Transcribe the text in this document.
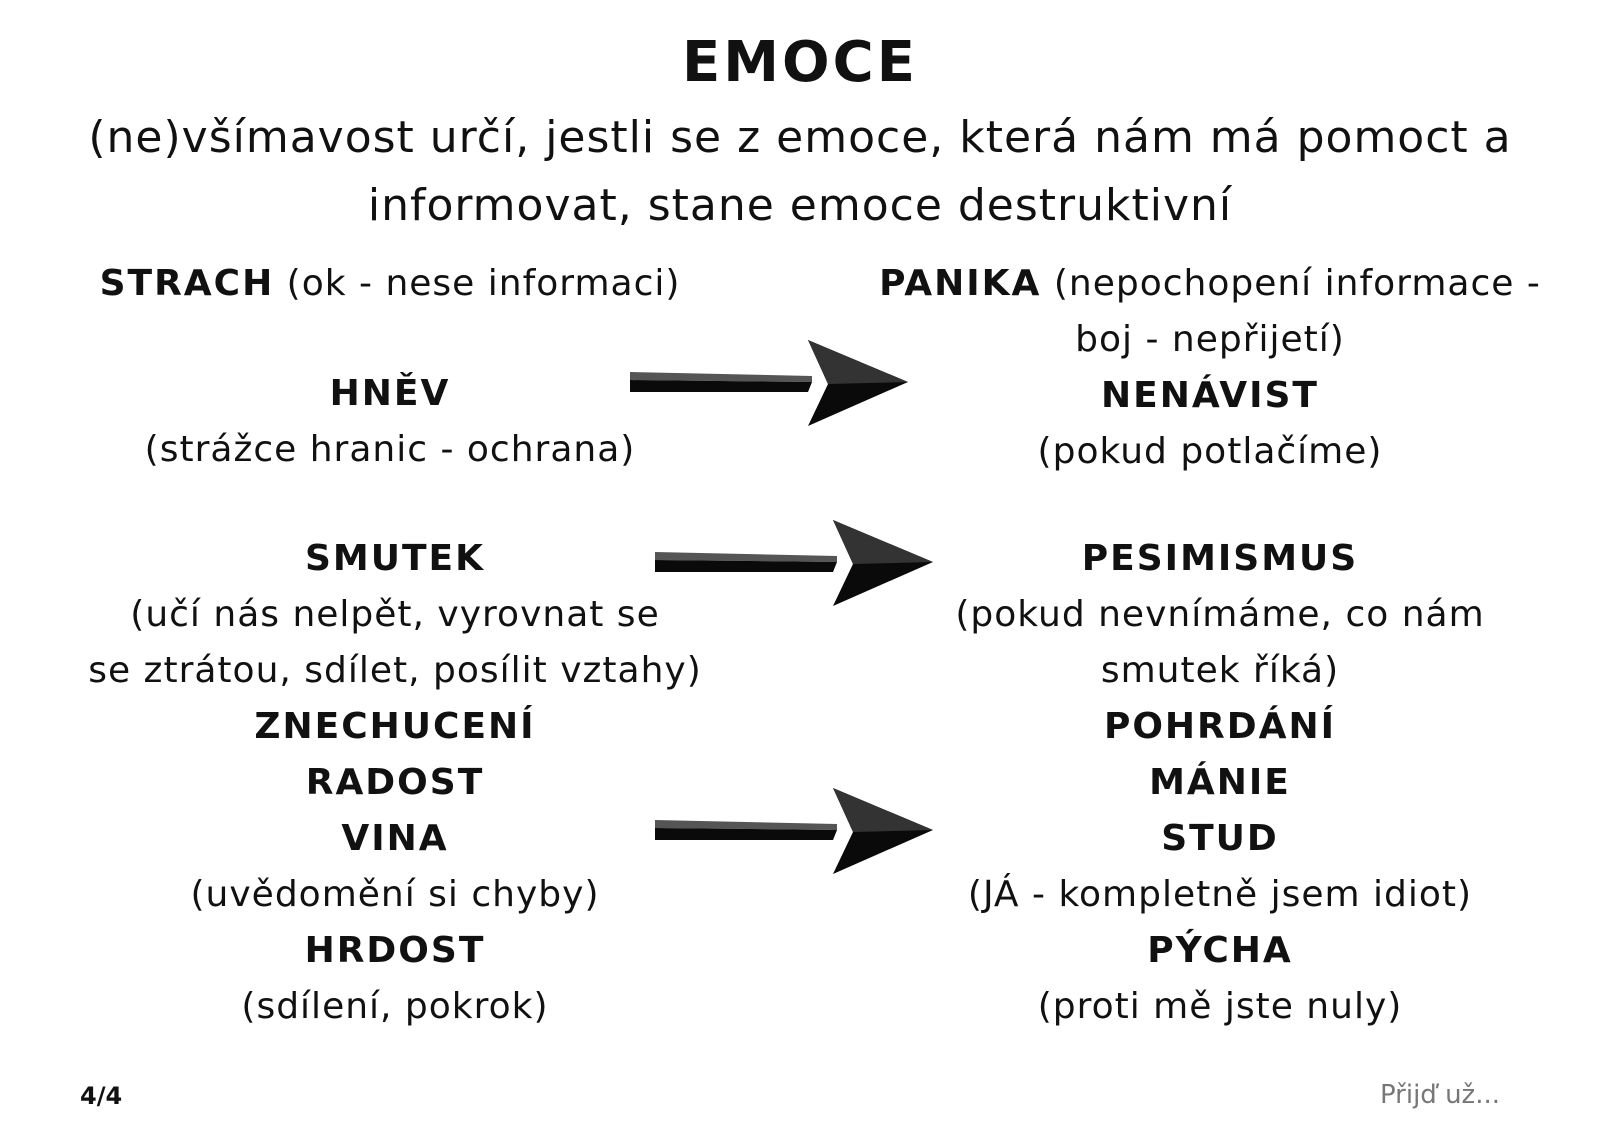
EMOCE
(ne)všímavost určí, jestli se z emoce, která nám má pomoct a
informovat, stane emoce destruktivní
STRACH (ok - nese informaci)
HNĚV
(strážce hranic - ochrana)
SMUTEK
(učí nás nelpět, vyrovnat se
se ztrátou, sdílet, posílit vztahy)
ZNECHUCENÍ
RADOST
VINA
(uvědomění si chyby)
HRDOST
(sdílení, pokrok)
PANIKA (nepochopení informace -
boj - nepřijetí)
NENÁVIST
(pokud potlačíme)
PESIMISMUS
(pokud nevnímáme, co nám
smutek říká)
POHRDÁNÍ
MÁNIE
STUD
(JÁ - kompletně jsem idiot)
PÝCHA
(proti mě jste nuly)
4/4	Přijď už...
